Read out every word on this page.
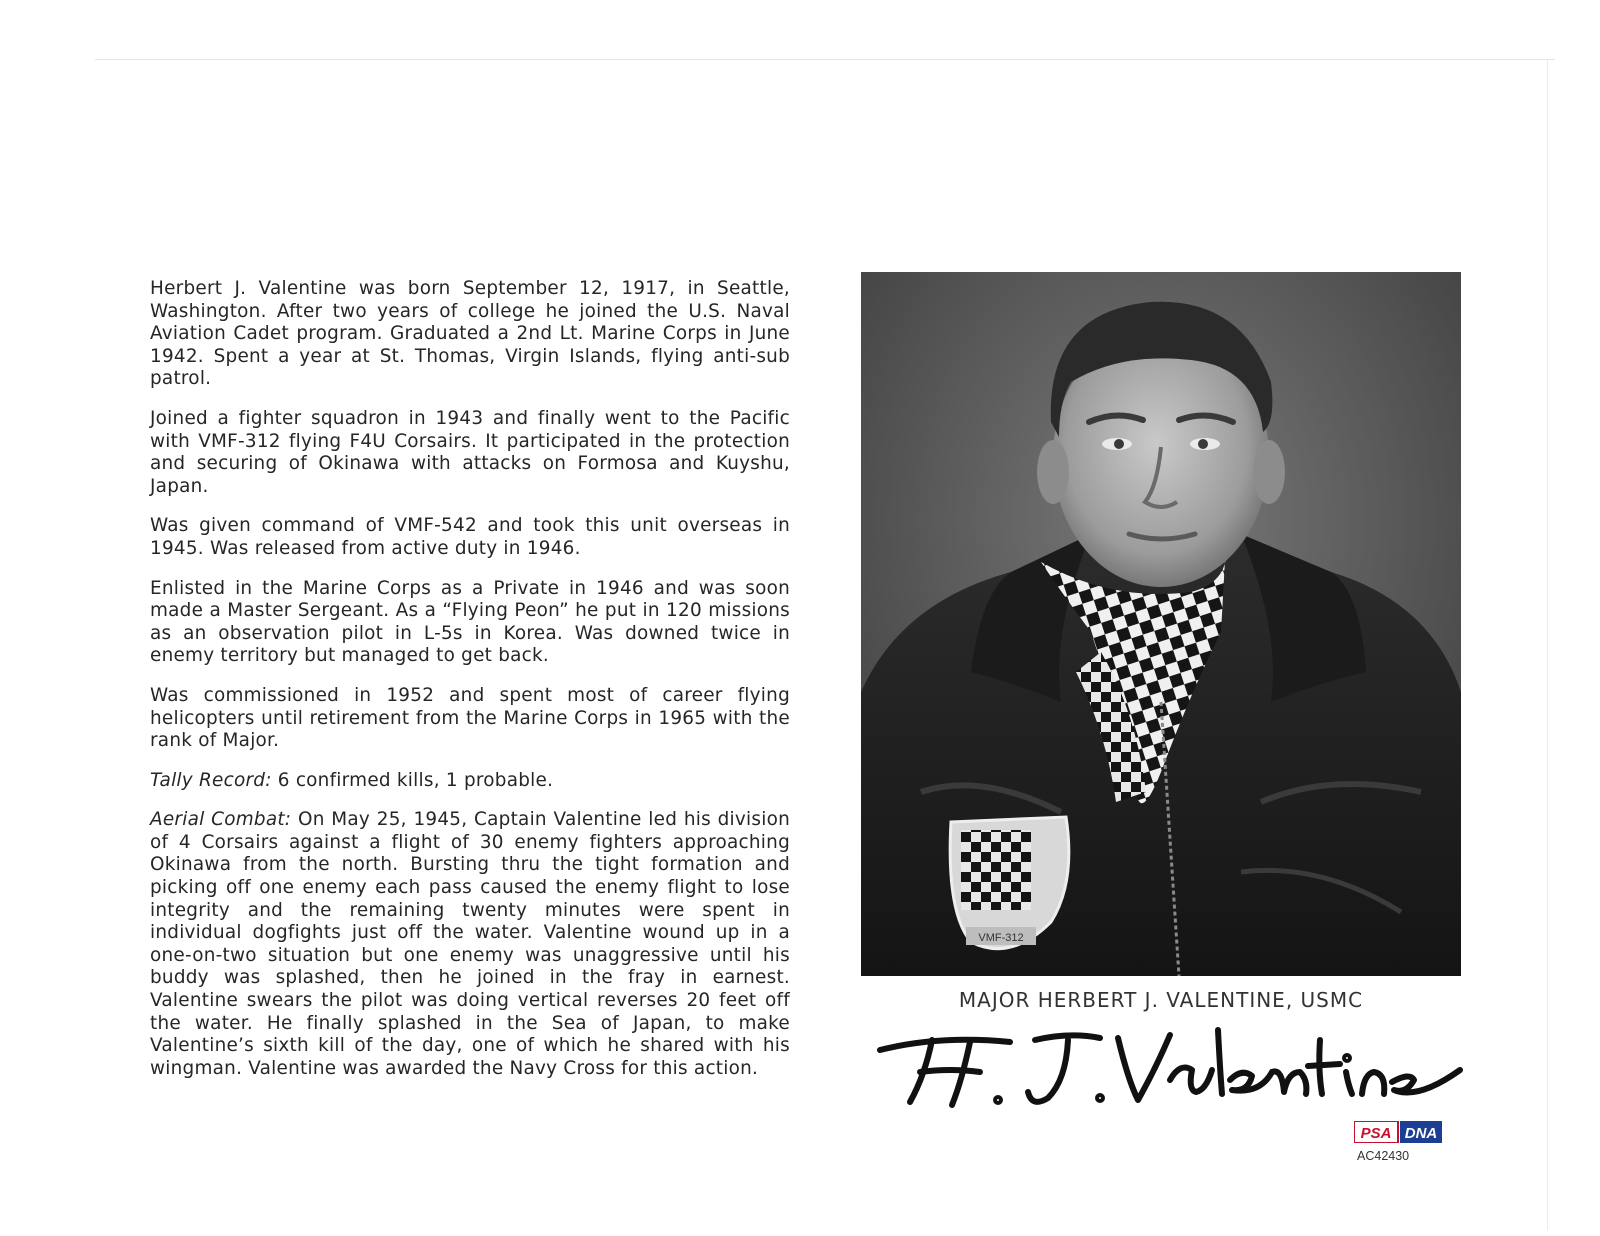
Herbert J. Valentine was born September 12, 1917, in Seattle, Washington. After two years of college he joined the U.S. Naval Aviation Cadet program. Graduated a 2nd Lt. Marine Corps in June 1942. Spent a year at St. Thomas, Virgin Islands, flying anti-sub patrol.

Joined a fighter squadron in 1943 and finally went to the Pacific with VMF-312 flying F4U Corsairs. It participated in the protection and securing of Okinawa with attacks on Formosa and Kuyshu, Japan.

Was given command of VMF-542 and took this unit overseas in 1945. Was released from active duty in 1946.

Enlisted in the Marine Corps as a Private in 1946 and was soon made a Master Sergeant. As a “Flying Peon” he put in 120 missions as an observation pilot in L-5s in Korea. Was downed twice in enemy territory but managed to get back.

Was commissioned in 1952 and spent most of career flying helicopters until retirement from the Marine Corps in 1965 with the rank of Major.

Tally Record: 6 confirmed kills, 1 probable.

Aerial Combat: On May 25, 1945, Captain Valentine led his division of 4 Corsairs against a flight of 30 enemy fighters approaching Okinawa from the north. Bursting thru the tight formation and picking off one enemy each pass caused the enemy flight to lose integrity and the remaining twenty minutes were spent in individual dogfights just off the water. Valentine wound up in a one-on-two situation but one enemy was unaggressive until his buddy was splashed, then he joined in the fray in earnest. Valentine swears the pilot was doing vertical reverses 20 feet off the water. He finally splashed in the Sea of Japan, to make Valentine’s sixth kill of the day, one of which he shared with his wingman. Valentine was awarded the Navy Cross for this action.

VMF-312
MAJOR HERBERT J. VALENTINE, USMC
H. J. Valentine
PSA DNA
AC42430
